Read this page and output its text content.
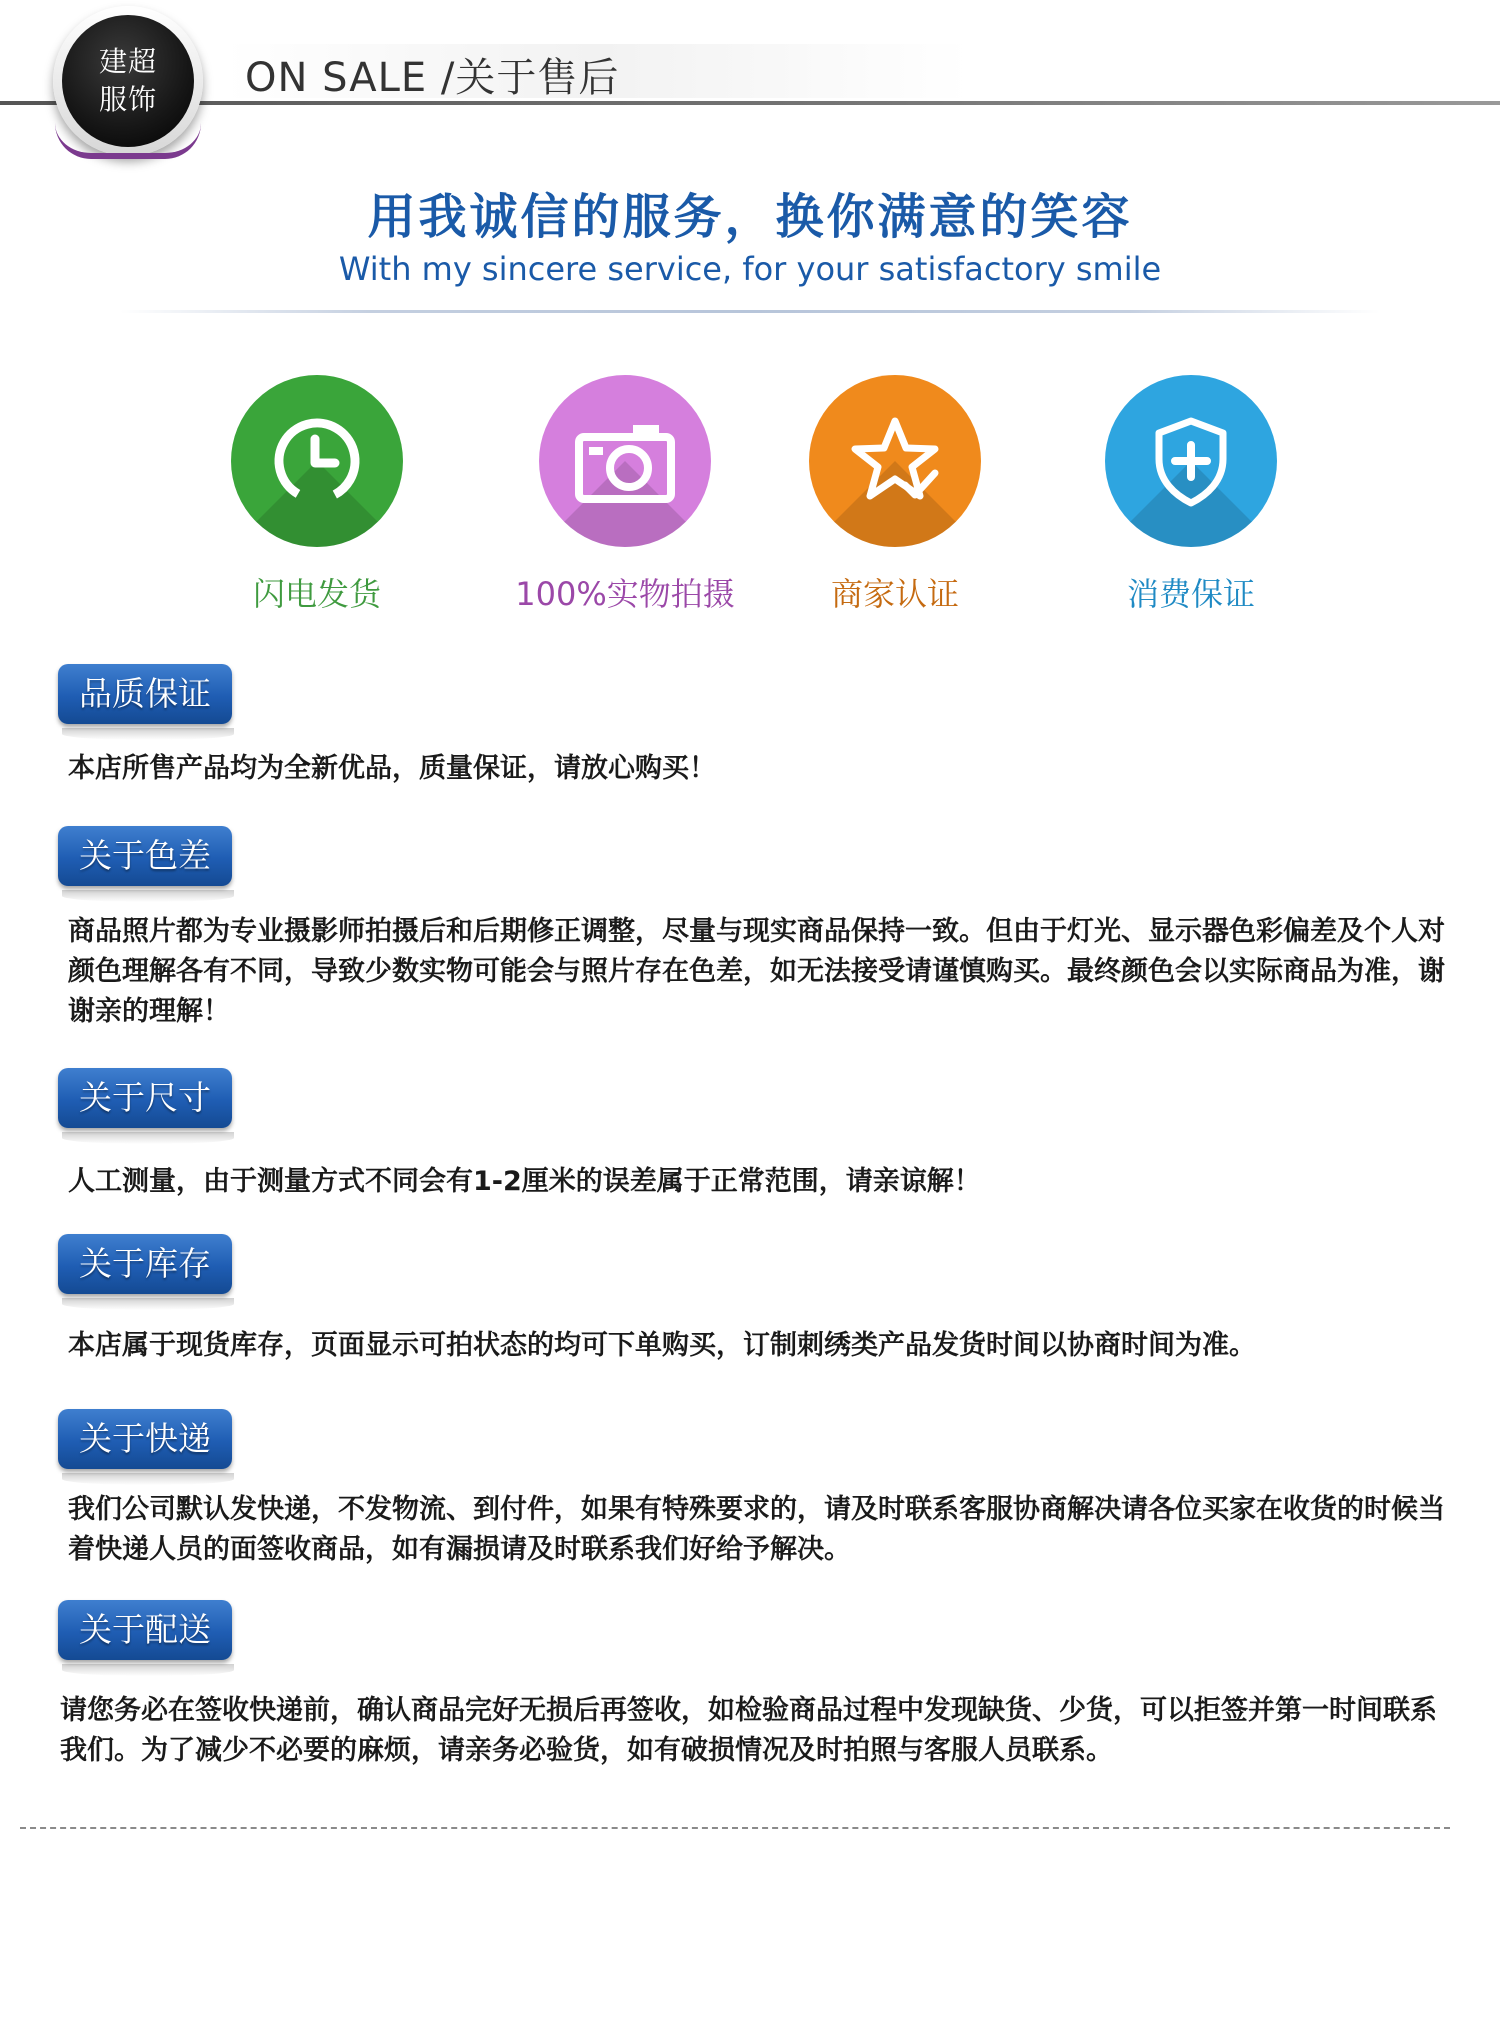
建超
服饰 ON SALE /关于售后
用我诚信的服务，换你满意的笑容
With my sincere service, for your satisfactory smile
闪电发货	100%实物拍摄	商家认证	消费保证
品质保证
本店所售产品均为全新优品，质量保证，请放心购买！
关于色差
商品照片都为专业摄影师拍摄后和后期修正调整，尽量与现实商品保持一致。但由于灯光、显示器色彩偏差及个人对颜色理解各有不同，导致少数实物可能会与照片存在色差，如无法接受请谨慎购买。最终颜色会以实际商品为准，谢谢亲的理解！
关于尺寸
人工测量，由于测量方式不同会有1-2厘米的误差属于正常范围，请亲谅解！
关于库存
本店属于现货库存，页面显示可拍状态的均可下单购买，订制刺绣类产品发货时间以协商时间为准。
关于快递
我们公司默认发快递，不发物流、到付件，如果有特殊要求的，请及时联系客服协商解决请各位买家在收货的时候当着快递人员的面签收商品，如有漏损请及时联系我们好给予解决。
关于配送
请您务必在签收快递前，确认商品完好无损后再签收，如检验商品过程中发现缺货、少货，可以拒签并第一时间联系我们。为了减少不必要的麻烦，请亲务必验货，如有破损情况及时拍照与客服人员联系。
